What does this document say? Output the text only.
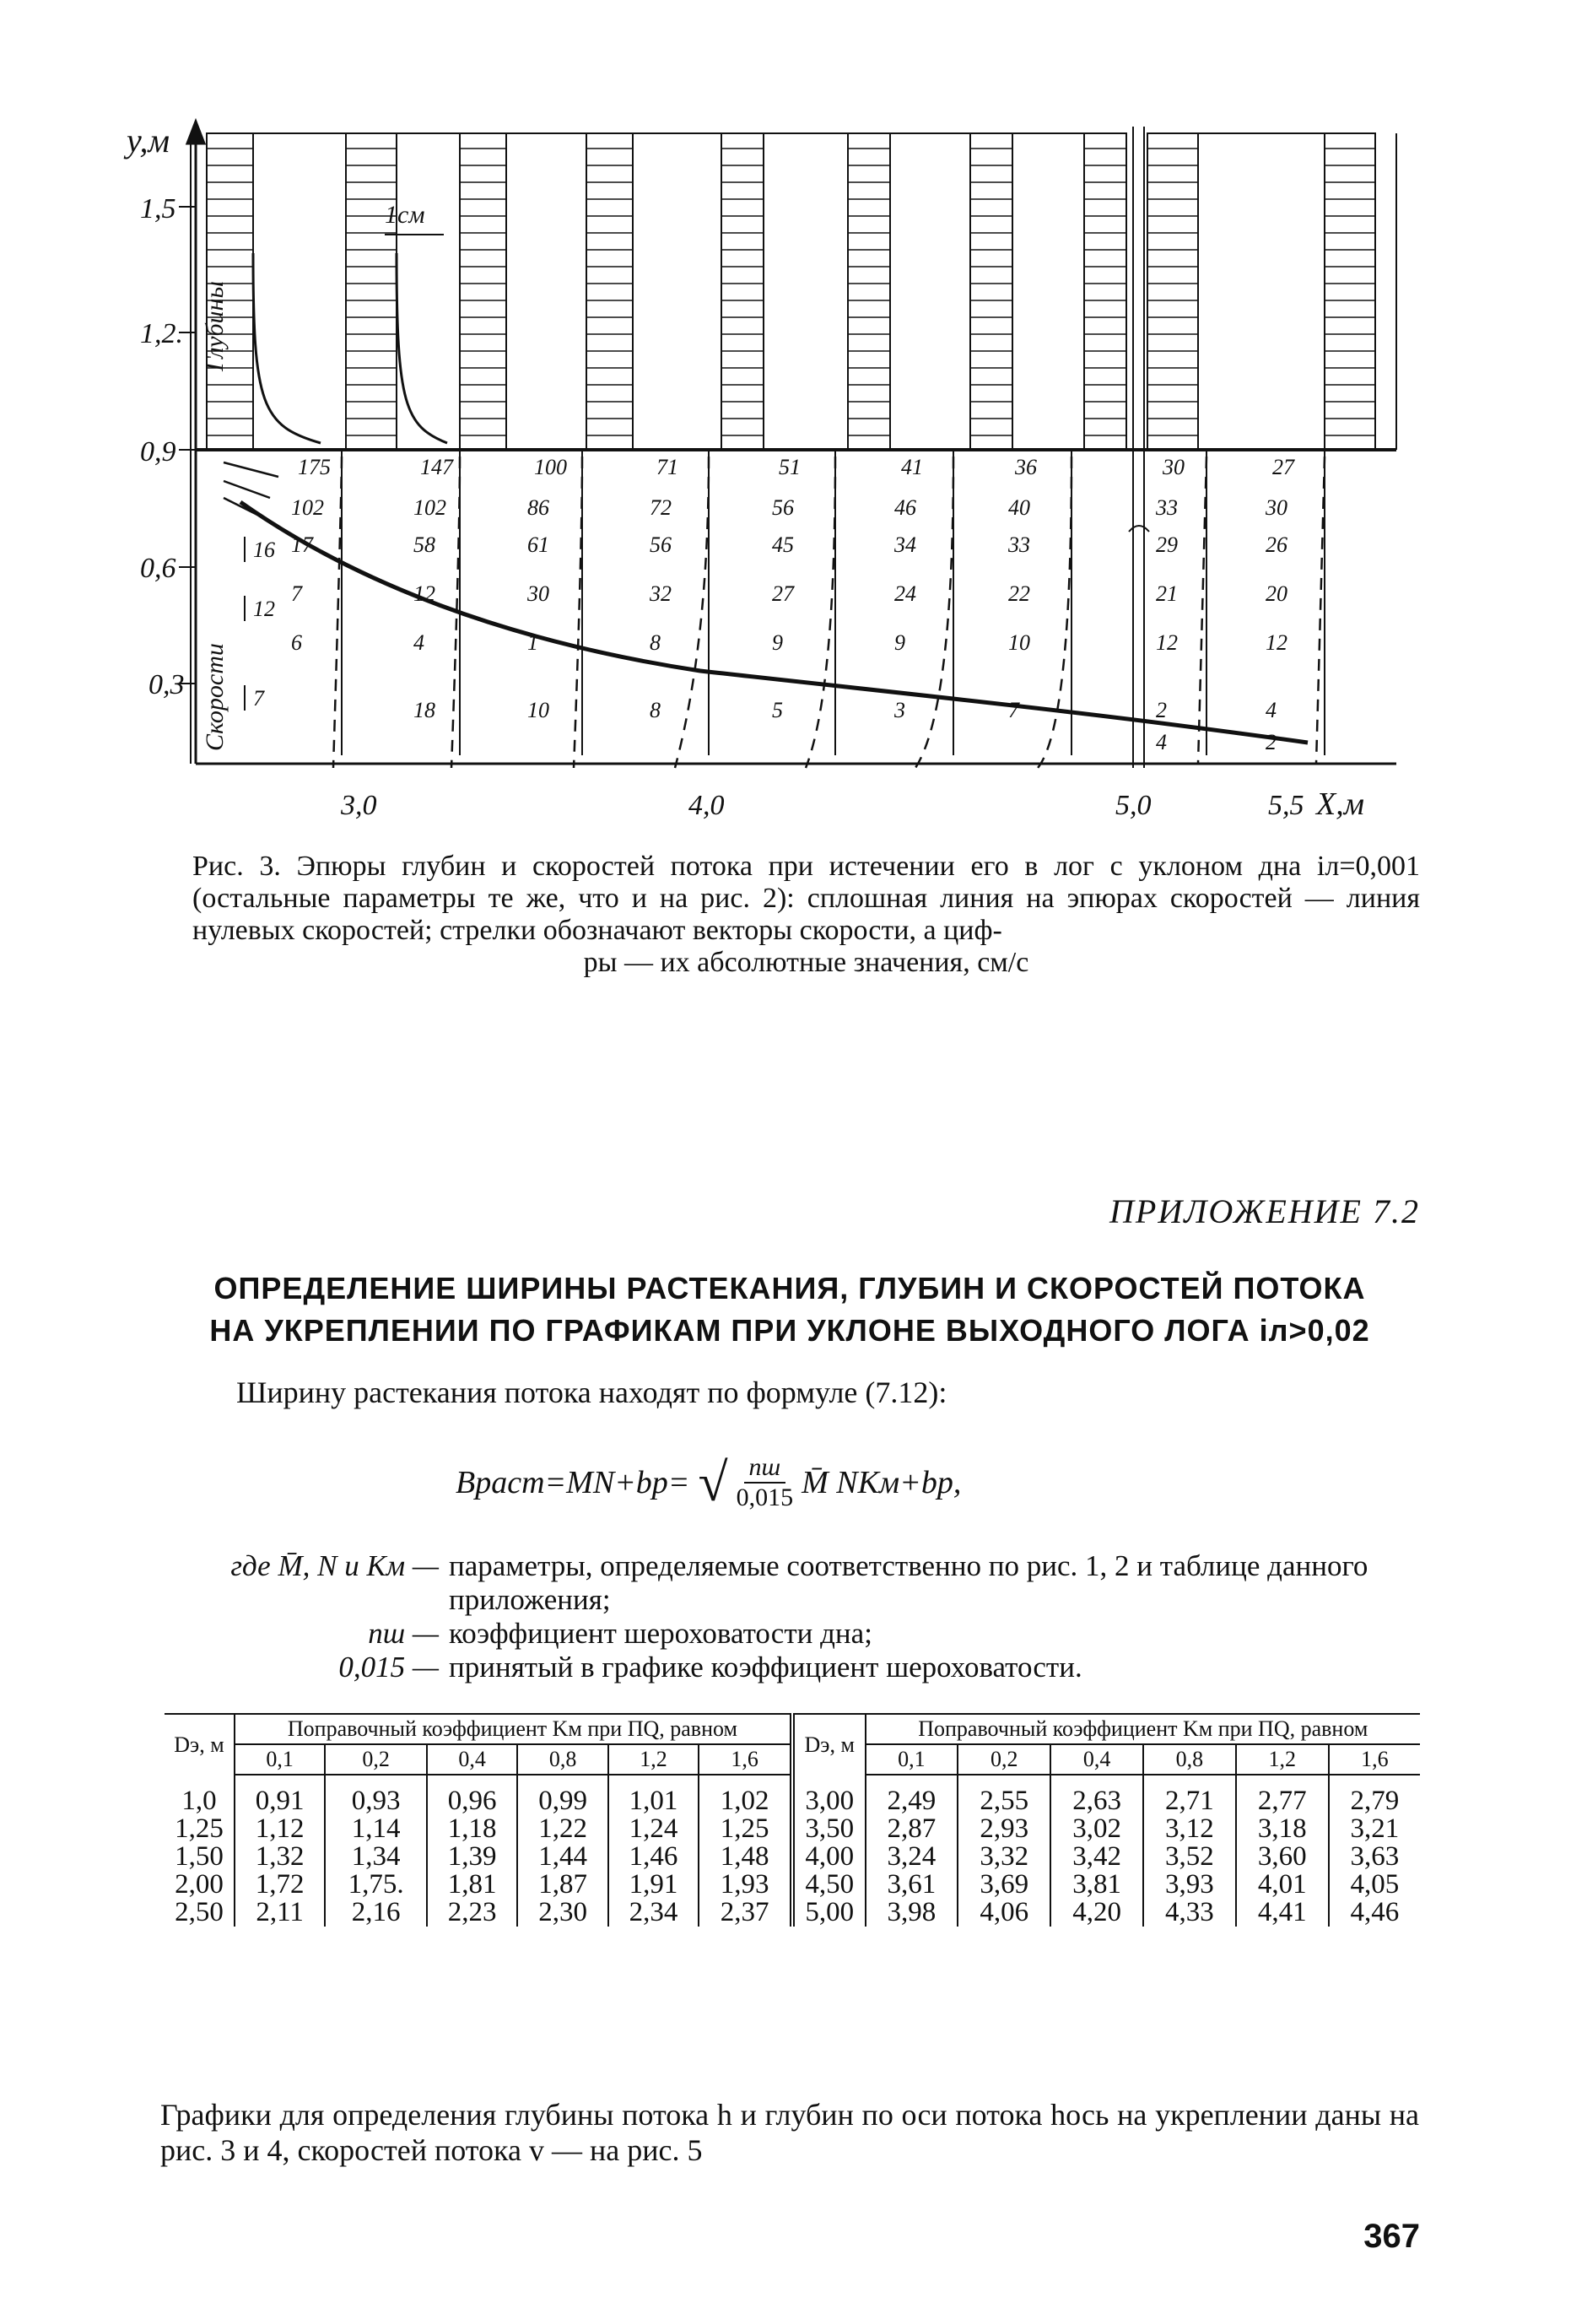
y,м
1,5
1,2.
0,9
0,6
0,3
3,0	4,0	5,0	5,5 X,м
1см
Глубины
Скорости
16
12
7
175
102
17
7
6
147
102
58
12
4
18
100
86
61
30
1
10
71
72
56
32
8
8
51
56
45
27
9
5
41
46
34
24
9
3
36
40
33
22
10
7
30
33
29
21
12
2
4
27
30
26
20
12
4
2
Рис. 3. Эпюры глубин и скоростей потока при истечении его в лог с уклоном дна iл=0,001 (остальные параметры те же, что и на рис. 2): сплошная линия на эпюрах скоростей — линия нулевых скоростей; стрелки обозначают векторы скорости, а циф-
ры — их абсолютные значения, см/с
ПРИЛОЖЕНИЕ 7.2
ОПРЕДЕЛЕНИЕ ШИРИНЫ РАСТЕКАНИЯ, ГЛУБИН И СКОРОСТЕЙ ПОТОКА
НА УКРЕПЛЕНИИ ПО ГРАФИКАМ ПРИ УКЛОНЕ ВЫХОДНОГО ЛОГА iл>0,02
Ширину растекания потока находят по формуле (7.12):
Bраст=MN+bр= √ $\frac{nш}{0,015}$ M̄ NKм+bр,
где M̄, N и Kм — параметры, определяемые соответственно по рис. 1, 2 и таблице данного приложения;
nш — коэффициент шероховатости дна;
0,015 — принятый в графике коэффициент шероховатости.
Dэ, м	Поправочный коэффициент Kм при ПQ, равном						Dэ, м	Поправочный коэффициент Kм при ПQ, равном					
	0,1	0,2	0,4	0,8	1,2	1,6		0,1	0,2	0,4	0,8	1,2	1,6
1,0	0,91	0,93	0,96	0,99	1,01	1,02	3,00	2,49	2,55	2,63	2,71	2,77	2,79
1,25	1,12	1,14	1,18	1,22	1,24	1,25	3,50	2,87	2,93	3,02	3,12	3,18	3,21
1,50	1,32	1,34	1,39	1,44	1,46	1,48	4,00	3,24	3,32	3,42	3,52	3,60	3,63
2,00	1,72	1,75.	1,81	1,87	1,91	1,93	4,50	3,61	3,69	3,81	3,93	4,01	4,05
2,50	2,11	2,16	2,23	2,30	2,34	2,37	5,00	3,98	4,06	4,20	4,33	4,41	4,46
Графики для определения глубины потока h и глубин по оси потока hось на укреплении даны на рис. 3 и 4, скоростей потока v — на рис. 5
367
